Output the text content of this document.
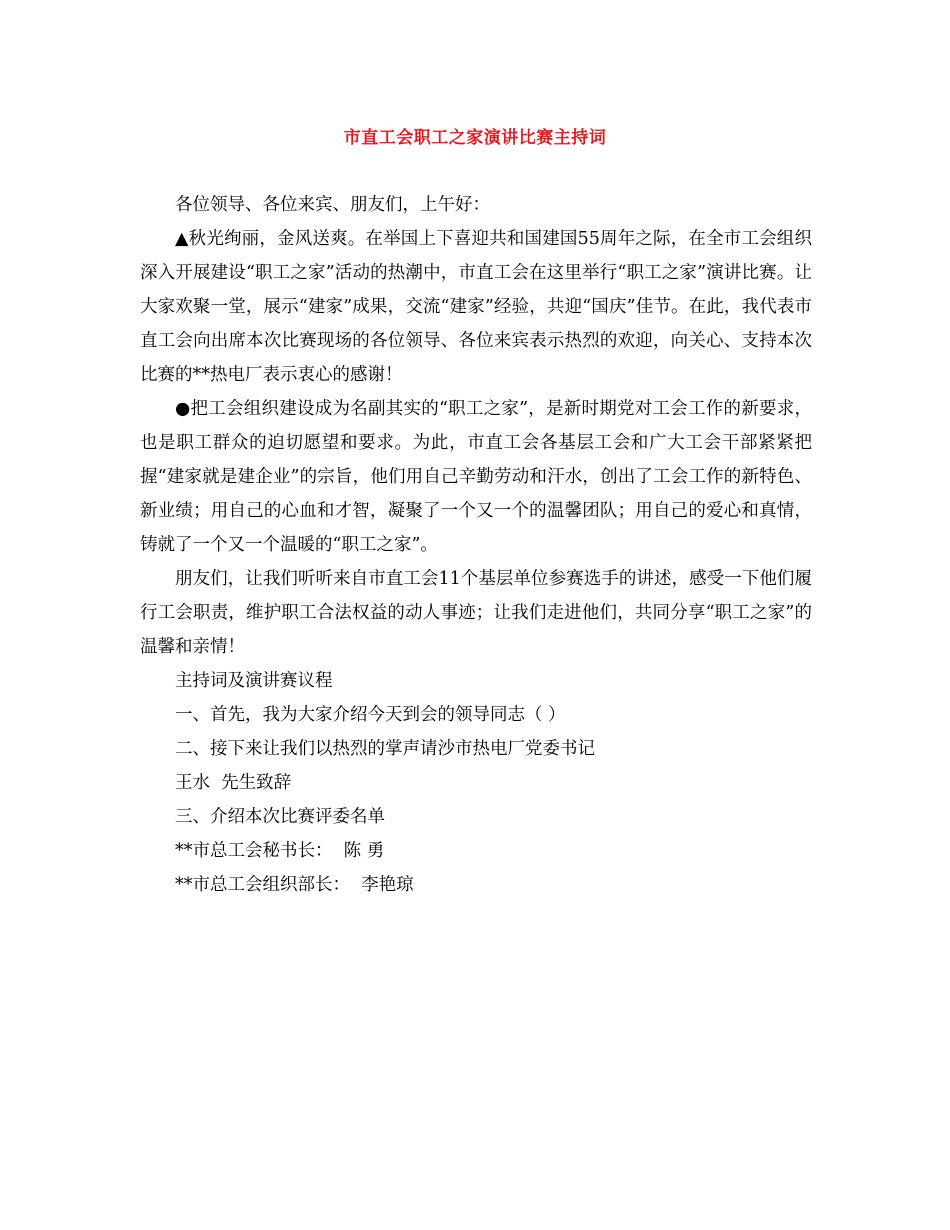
市直工会职工之家演讲比赛主持词

各位领导、各位来宾、朋友们，上午好：

▲秋光绚丽，金风送爽。在举国上下喜迎共和国建国55周年之际，在全市工会组织深入开展建设“职工之家”活动的热潮中，市直工会在这里举行“职工之家”演讲比赛。让大家欢聚一堂，展示“建家”成果，交流“建家”经验，共迎“国庆”佳节。在此，我代表市直工会向出席本次比赛现场的各位领导、各位来宾表示热烈的欢迎，向关心、支持本次比赛的**热电厂表示衷心的感谢！

●把工会组织建设成为名副其实的“职工之家”，是新时期党对工会工作的新要求，也是职工群众的迫切愿望和要求。为此，市直工会各基层工会和广大工会干部紧紧把握“建家就是建企业”的宗旨，他们用自己辛勤劳动和汗水，创出了工会工作的新特色、新业绩；用自己的心血和才智，凝聚了一个又一个的温馨团队；用自己的爱心和真情，铸就了一个又一个温暖的“职工之家”。

朋友们，让我们听听来自市直工会11个基层单位参赛选手的讲述，感受一下他们履行工会职责，维护职工合法权益的动人事迹；让我们走进他们，共同分享“职工之家”的温馨和亲情！

主持词及演讲赛议程

一、首先，我为大家介绍今天到会的领导同志（ ）

二、接下来让我们以热烈的掌声请沙市热电厂党委书记

王水  先生致辞

三、介绍本次比赛评委名单

**市总工会秘书长：  陈 勇

**市总工会组织部长：  李艳琼
